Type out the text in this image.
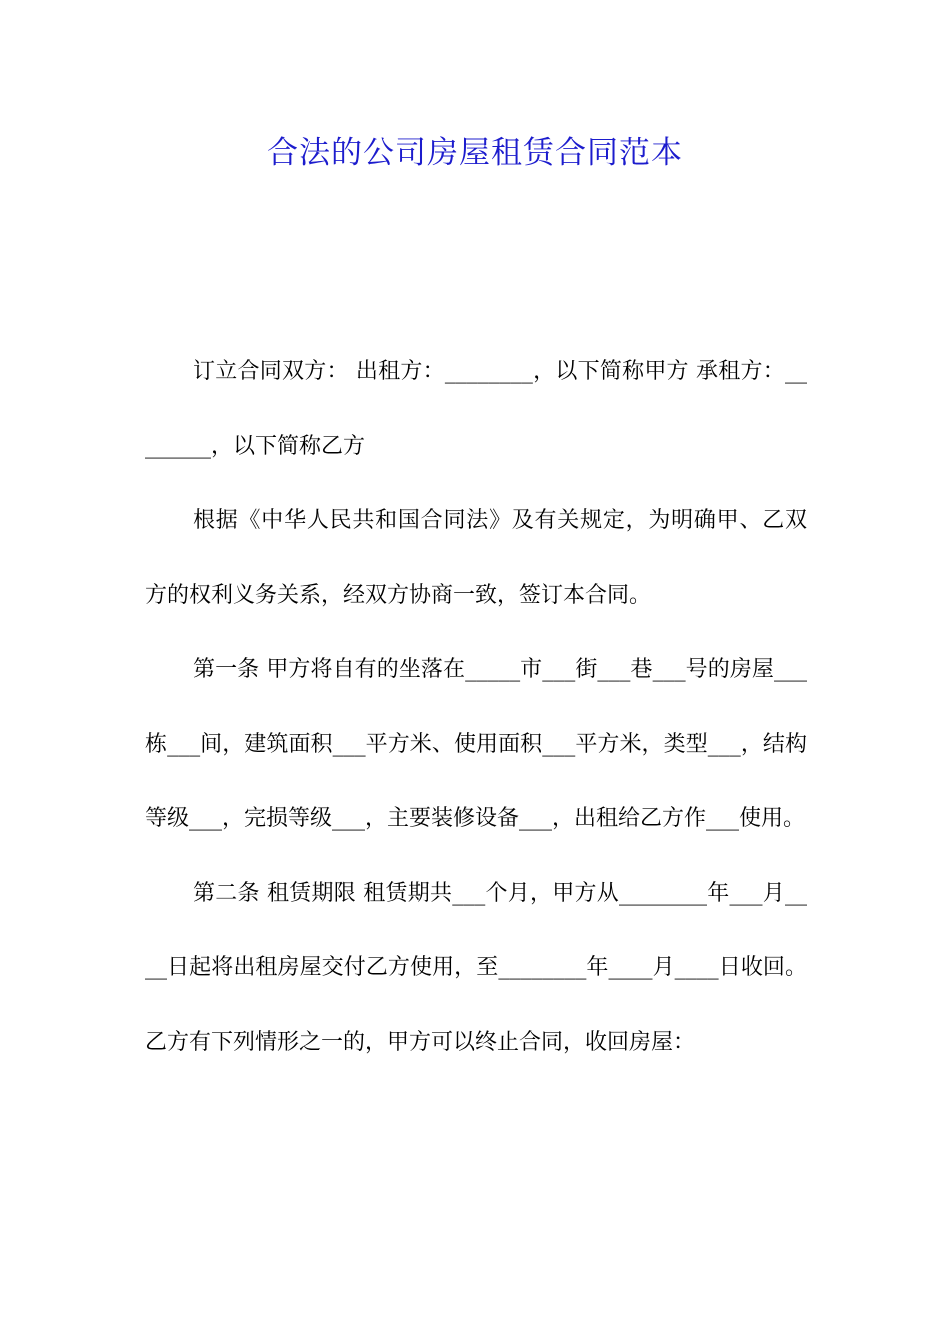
合法的公司房屋租赁合同范本

订立合同双方： 出租方：________，以下简称甲方 承租方：________，以下简称乙方

根据《中华人民共和国合同法》及有关规定，为明确甲、乙双方的权利义务关系，经双方协商一致，签订本合同。

第一条 甲方将自有的坐落在_____市___街___巷___号的房屋___栋___间，建筑面积___平方米、使用面积___平方米，类型___，结构等级___，完损等级___，主要装修设备___，出租给乙方作___使用。

第二条 租赁期限 租赁期共___个月，甲方从________年___月____日起将出租房屋交付乙方使用，至________年____月____日收回。 乙方有下列情形之一的，甲方可以终止合同，收回房屋：
